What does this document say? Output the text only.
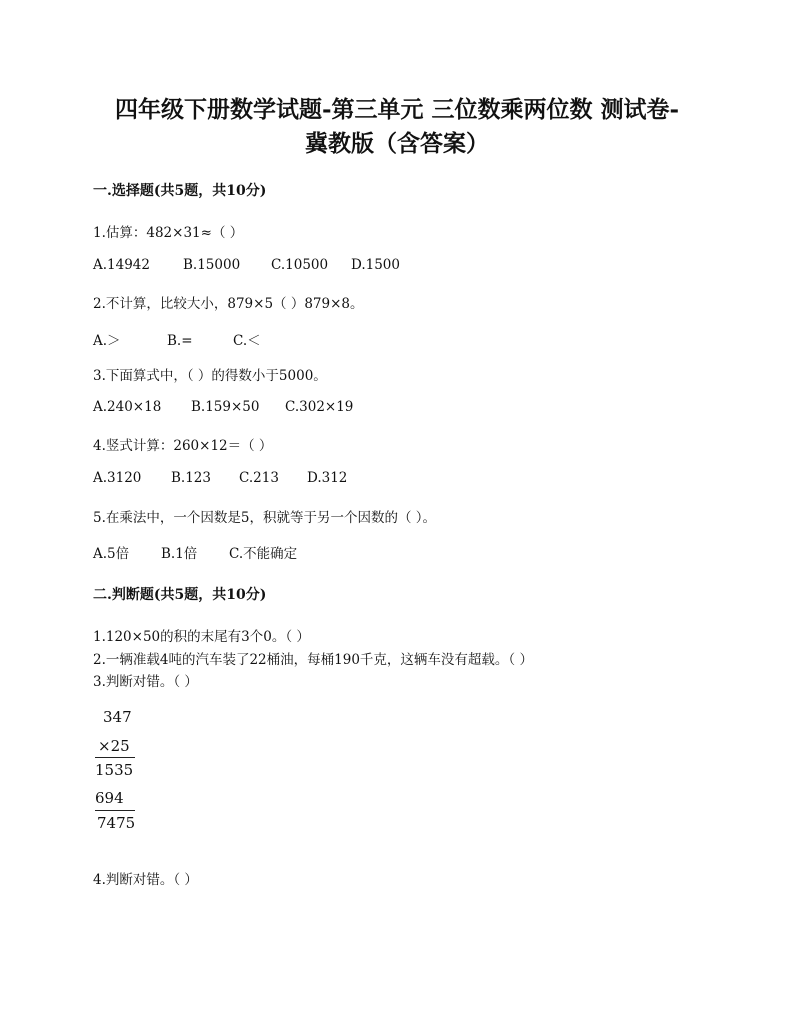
四年级下册数学试题-第三单元 三位数乘两位数 测试卷-
冀教版（含答案）
一.选择题(共5题，共10分)
1.估算：482×31≈（ ）
A.14942 B.15000 C.10500 D.1500
2.不计算，比较大小，879×5（ ）879×8。
A.＞	B.=	C.＜
3.下面算式中，（ ）的得数小于5000。
A.240×18 B.159×50 C.302×19
4.竖式计算：260×12＝（ ）
A.3120 B.123 C.213 D.312
5.在乘法中，一个因数是5，积就等于另一个因数的（ ）。
A.5倍 B.1倍 C.不能确定
二.判断题(共5题，共10分)
1.120×50的积的末尾有3个0。（ ）
2.一辆准载4吨的汽车装了22桶油，每桶190千克，这辆车没有超载。（ ）
3.判断对错。（ ）
347
×25
1535
694
7475
4.判断对错。（ ）
